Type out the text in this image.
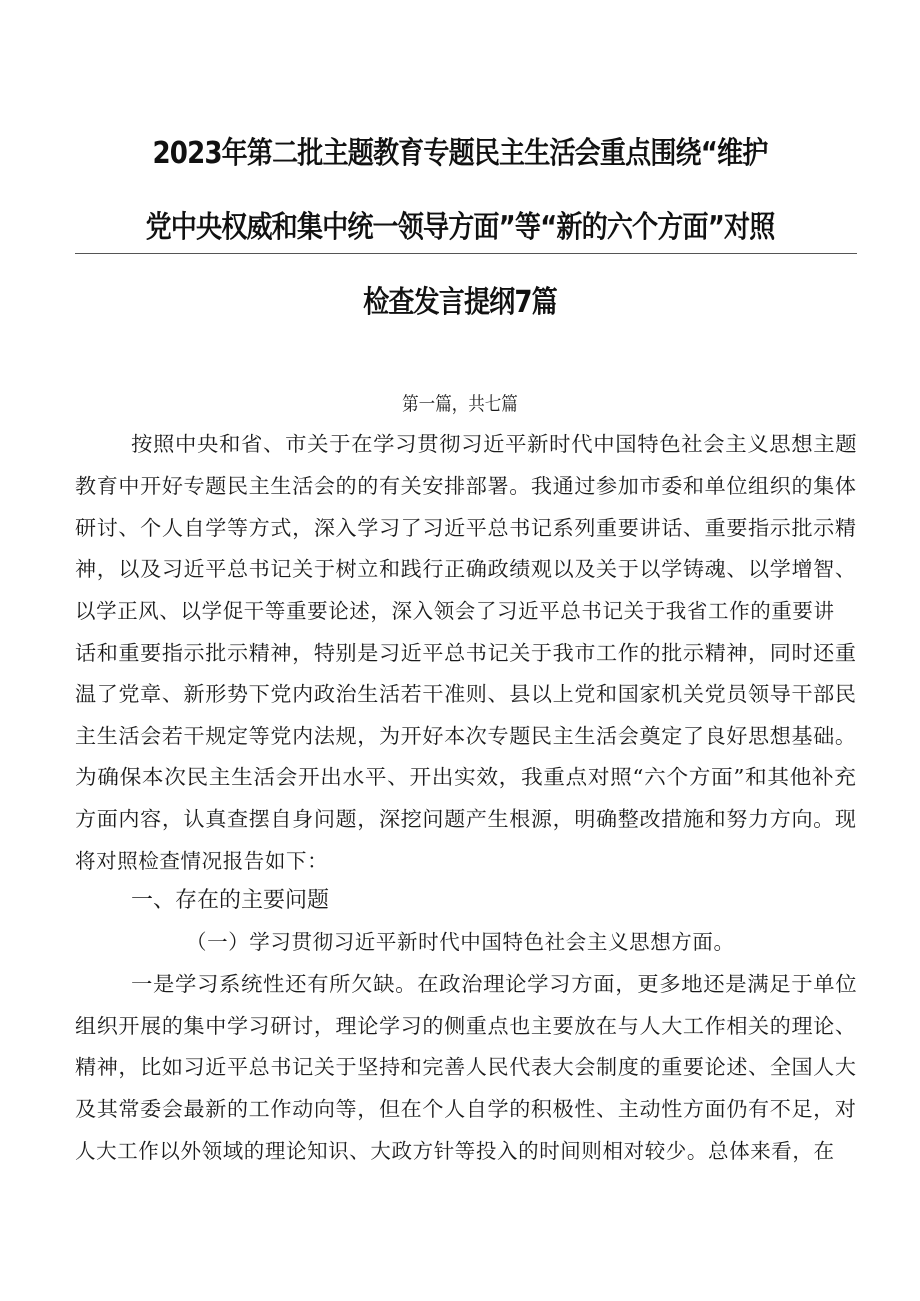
2023年第二批主题教育专题民主生活会重点围绕“维护
党中央权威和集中统一领导方面”等“新的六个方面”对照
检查发言提纲7篇
第一篇，共七篇
按照中央和省、市关于在学习贯彻习近平新时代中国特色社会主义思想主题
教育中开好专题民主生活会的的有关安排部署。我通过参加市委和单位组织的集体
研讨、个人自学等方式，深入学习了习近平总书记系列重要讲话、重要指示批示精
神，以及习近平总书记关于树立和践行正确政绩观以及关于以学铸魂、以学增智、
以学正风、以学促干等重要论述，深入领会了习近平总书记关于我省工作的重要讲
话和重要指示批示精神，特别是习近平总书记关于我市工作的批示精神，同时还重
温了党章、新形势下党内政治生活若干准则、县以上党和国家机关党员领导干部民
主生活会若干规定等党内法规，为开好本次专题民主生活会奠定了良好思想基础。
为确保本次民主生活会开出水平、开出实效，我重点对照“六个方面”和其他补充
方面内容，认真查摆自身问题，深挖问题产生根源，明确整改措施和努力方向。现
将对照检查情况报告如下：
一、存在的主要问题
（一）学习贯彻习近平新时代中国特色社会主义思想方面。
一是学习系统性还有所欠缺。在政治理论学习方面，更多地还是满足于单位
组织开展的集中学习研讨，理论学习的侧重点也主要放在与人大工作相关的理论、
精神，比如习近平总书记关于坚持和完善人民代表大会制度的重要论述、全国人大
及其常委会最新的工作动向等，但在个人自学的积极性、主动性方面仍有不足，对
人大工作以外领域的理论知识、大政方针等投入的时间则相对较少。总体来看，在
